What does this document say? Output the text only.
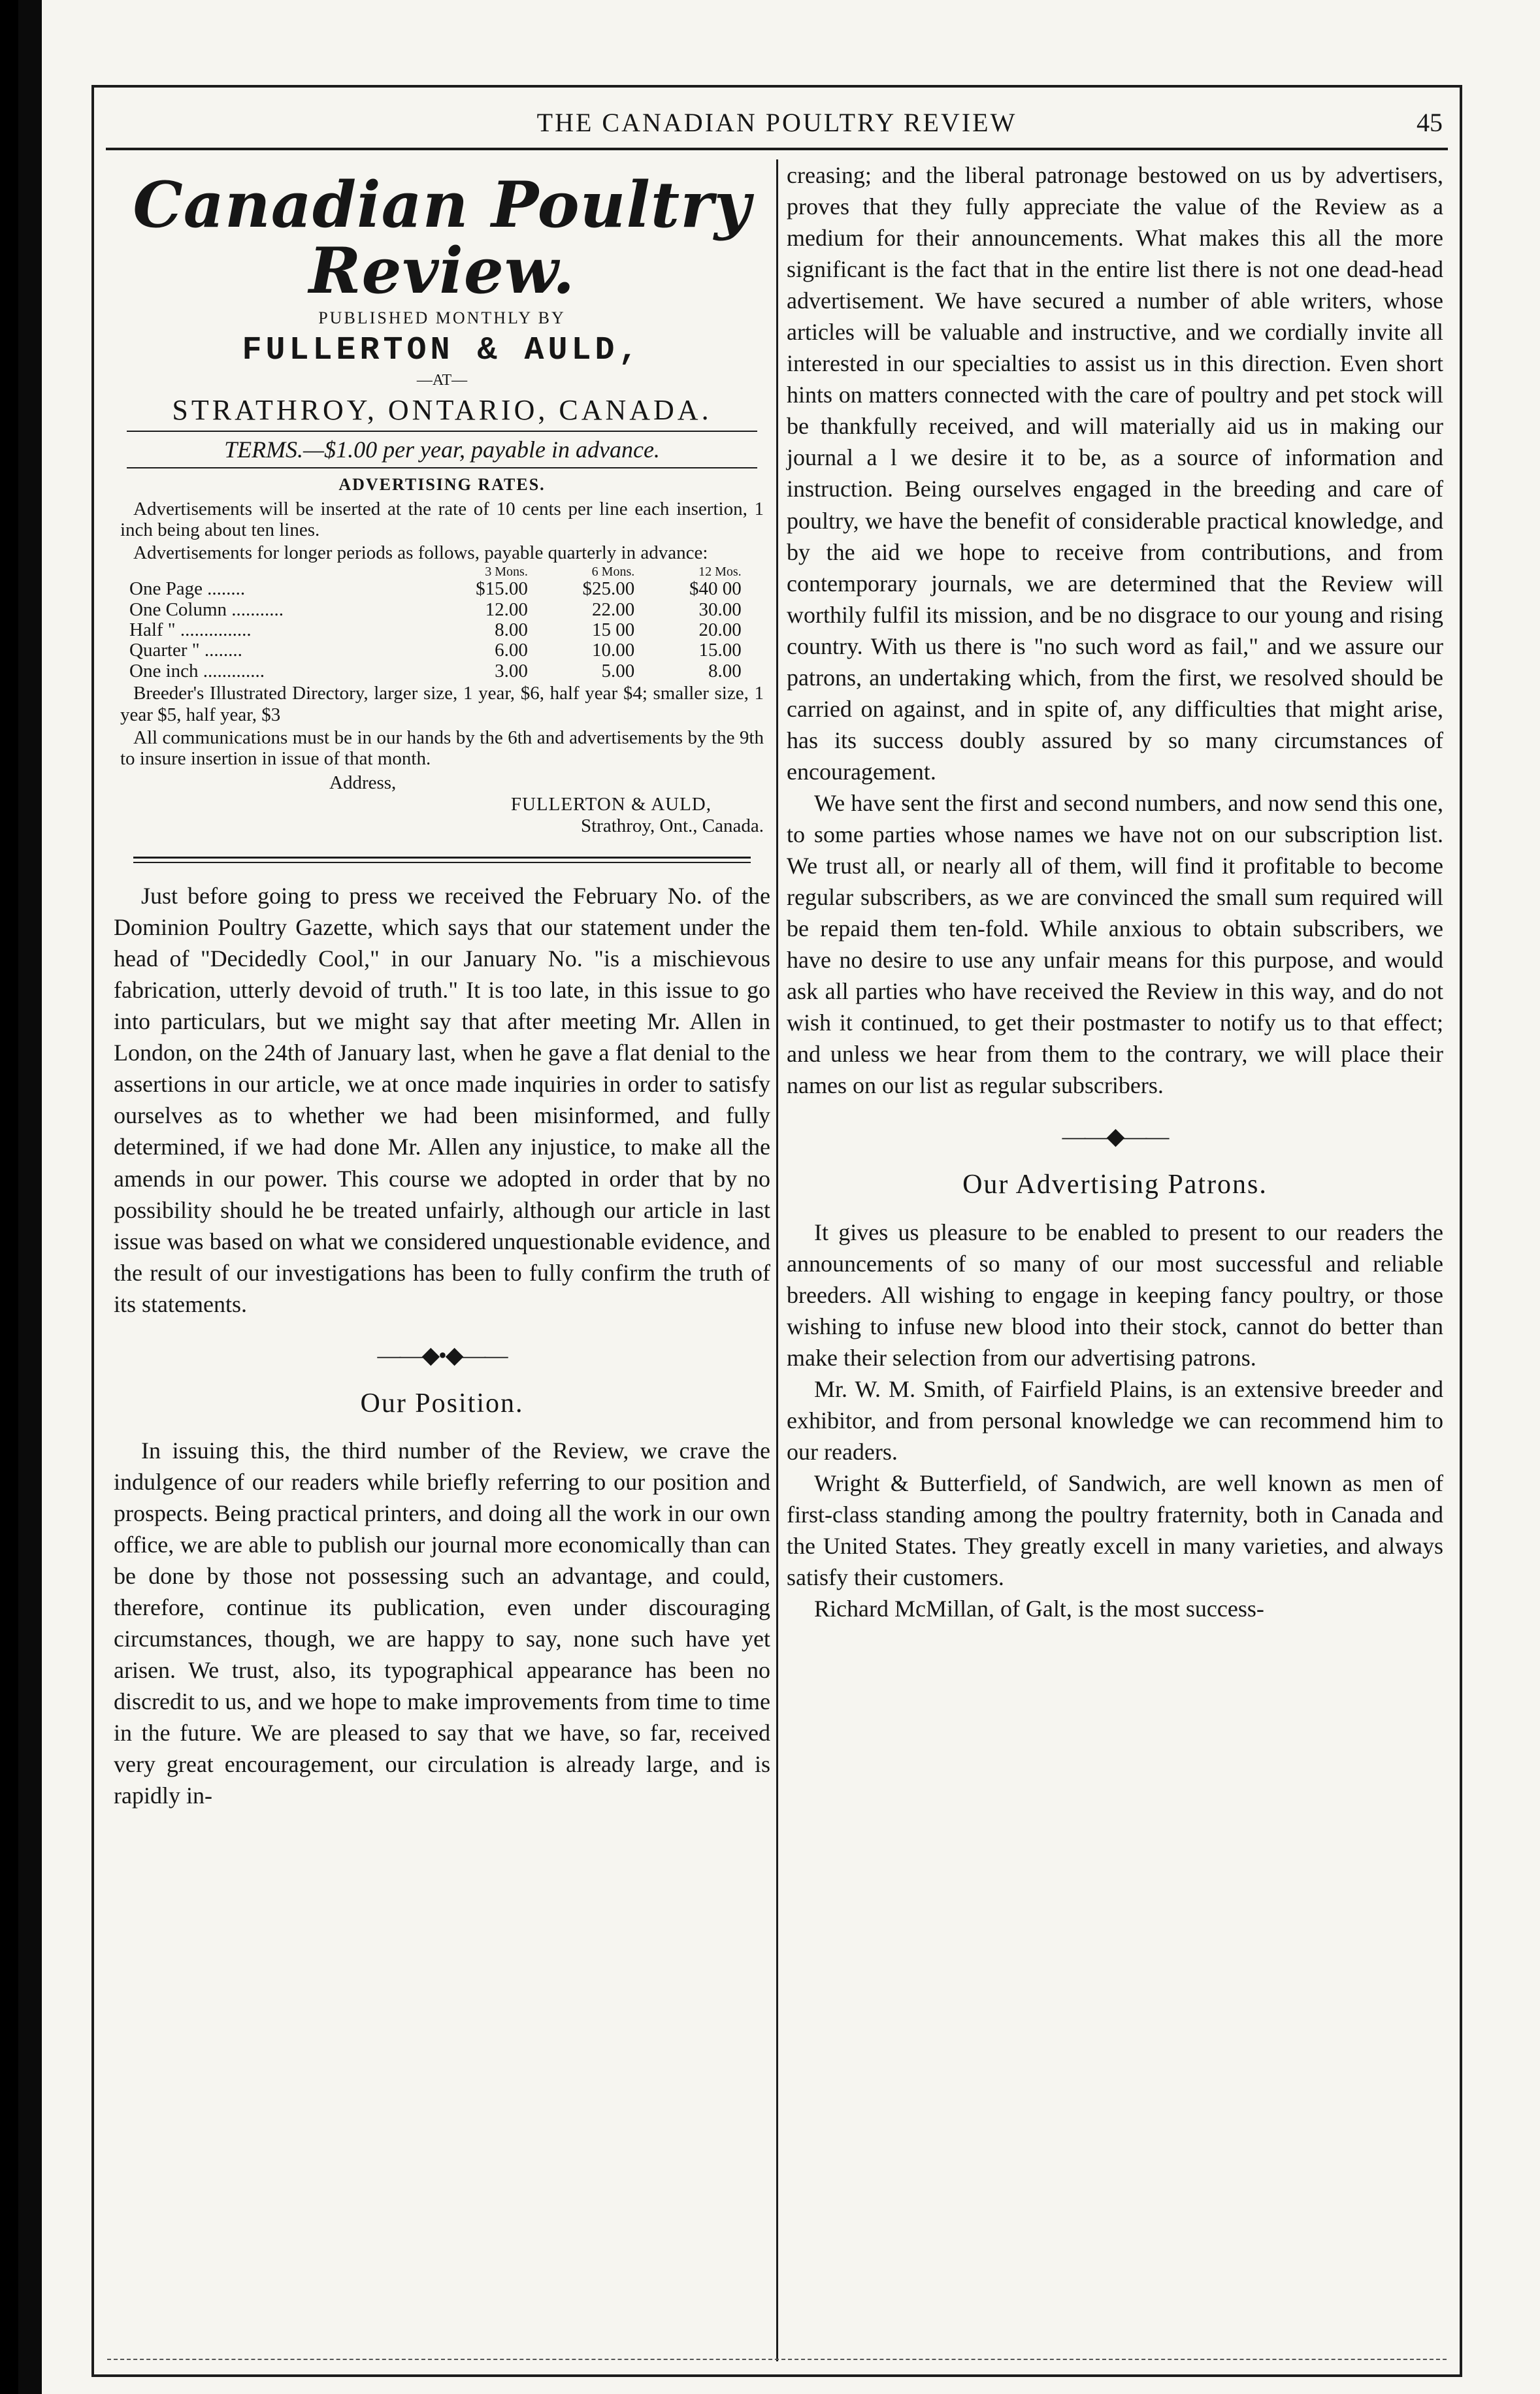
THE CANADIAN POULTRY REVIEW	45
Canadian Poultry Review.
PUBLISHED MONTHLY BY
FULLERTON & AULD,
—AT—
STRATHROY, ONTARIO, CANADA.
TERMS.—$1.00 per year, payable in advance.
ADVERTISING RATES.

Advertisements will be inserted at the rate of 10 cents per line each insertion, 1 inch being about ten lines.

Advertisements for longer periods as follows, payable quarterly in advance:

	3 Mons.	6 Mons.	12 Mos.
One Page ........	$15.00	$25.00	$40 00
One Column ...........	12.00	22.00	30.00
Half " ...............	8.00	15 00	20.00
Quarter " ........	6.00	10.00	15.00
One inch .............	3.00	5.00	8.00

Breeder's Illustrated Directory, larger size, 1 year, $6, half year $4; smaller size, 1 year $5, half year, $3

All communications must be in our hands by the 6th and advertisements by the 9th to insure insertion in issue of that month.

Address,
FULLERTON & AULD,
Strathroy, Ont., Canada.

Just before going to press we received the February No. of the Dominion Poultry Gazette, which says that our statement under the head of "Decidedly Cool," in our January No. "is a mischievous fabrication, utterly devoid of truth." It is too late, in this issue to go into particulars, but we might say that after meeting Mr. Allen in London, on the 24th of January last, when he gave a flat denial to the assertions in our article, we at once made inquiries in order to satisfy ourselves as to whether we had been misinformed, and fully determined, if we had done Mr. Allen any injustice, to make all the amends in our power. This course we adopted in order that by no possibility should he be treated unfairly, although our article in last issue was based on what we considered unquestionable evidence, and the result of our investigations has been to fully confirm the truth of its statements.

——◆•◆——
Our Position.

In issuing this, the third number of the Review, we crave the indulgence of our readers while briefly referring to our position and prospects. Being practical printers, and doing all the work in our own office, we are able to publish our journal more economically than can be done by those not possessing such an advantage, and could, therefore, continue its publication, even under discouraging circumstances, though, we are happy to say, none such have yet arisen. We trust, also, its typographical appearance has been no discredit to us, and we hope to make improvements from time to time in the future. We are pleased to say that we have, so far, received very great encouragement, our circulation is already large, and is rapidly in-

creasing; and the liberal patronage bestowed on us by advertisers, proves that they fully appreciate the value of the Review as a medium for their announcements. What makes this all the more significant is the fact that in the entire list there is not one dead-head advertisement. We have secured a number of able writers, whose articles will be valuable and instructive, and we cordially invite all interested in our specialties to assist us in this direction. Even short hints on matters connected with the care of poultry and pet stock will be thankfully received, and will materially aid us in making our journal a l we desire it to be, as a source of information and instruction. Being ourselves engaged in the breeding and care of poultry, we have the benefit of considerable practical knowledge, and by the aid we hope to receive from contributions, and from contemporary journals, we are determined that the Review will worthily fulfil its mission, and be no disgrace to our young and rising country. With us there is "no such word as fail," and we assure our patrons, an undertaking which, from the first, we resolved should be carried on against, and in spite of, any difficulties that might arise, has its success doubly assured by so many circumstances of encouragement.

We have sent the first and second numbers, and now send this one, to some parties whose names we have not on our subscription list. We trust all, or nearly all of them, will find it profitable to become regular subscribers, as we are convinced the small sum required will be repaid them ten-fold. While anxious to obtain subscribers, we have no desire to use any unfair means for this purpose, and would ask all parties who have received the Review in this way, and do not wish it continued, to get their postmaster to notify us to that effect; and unless we hear from them to the contrary, we will place their names on our list as regular subscribers.

——◆——
Our Advertising Patrons.

It gives us pleasure to be enabled to present to our readers the announcements of so many of our most successful and reliable breeders. All wishing to engage in keeping fancy poultry, or those wishing to infuse new blood into their stock, cannot do better than make their selection from our advertising patrons.

Mr. W. M. Smith, of Fairfield Plains, is an extensive breeder and exhibitor, and from personal knowledge we can recommend him to our readers.

Wright & Butterfield, of Sandwich, are well known as men of first-class standing among the poultry fraternity, both in Canada and the United States. They greatly excell in many varieties, and always satisfy their customers.

Richard McMillan, of Galt, is the most success-
